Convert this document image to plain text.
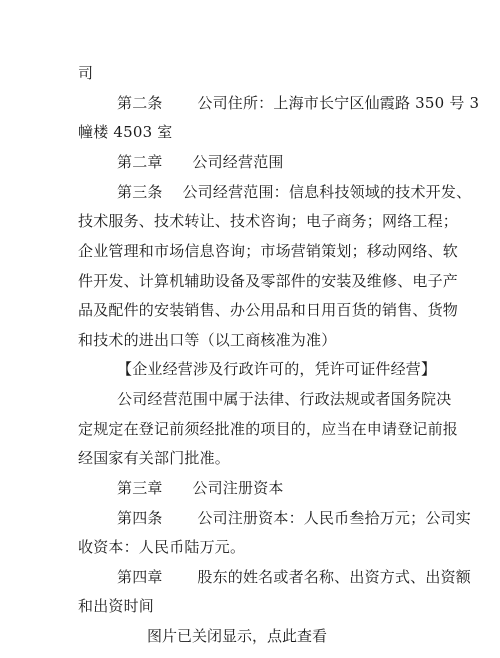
司
第二条       公司住所：上海市长宁区仙霞路 350 号 3
幢楼 4503 室
第二章      公司经营范围
第三条    公司经营范围：信息科技领域的技术开发、
技术服务、技术转让、技术咨询；电子商务；网络工程；
企业管理和市场信息咨询；市场营销策划；移动网络、软
件开发、计算机辅助设备及零部件的安装及维修、电子产
品及配件的安装销售、办公用品和日用百货的销售、货物
和技术的进出口等（以工商核准为准）
【企业经营涉及行政许可的，凭许可证件经营】
公司经营范围中属于法律、行政法规或者国务院决
定规定在登记前须经批准的项目的，应当在申请登记前报
经国家有关部门批准。
第三章      公司注册资本
第四条       公司注册资本：人民币叁拾万元；公司实
收资本：人民币陆万元。
第四章       股东的姓名或者名称、出资方式、出资额
和出资时间
图片已关闭显示，点此查看
